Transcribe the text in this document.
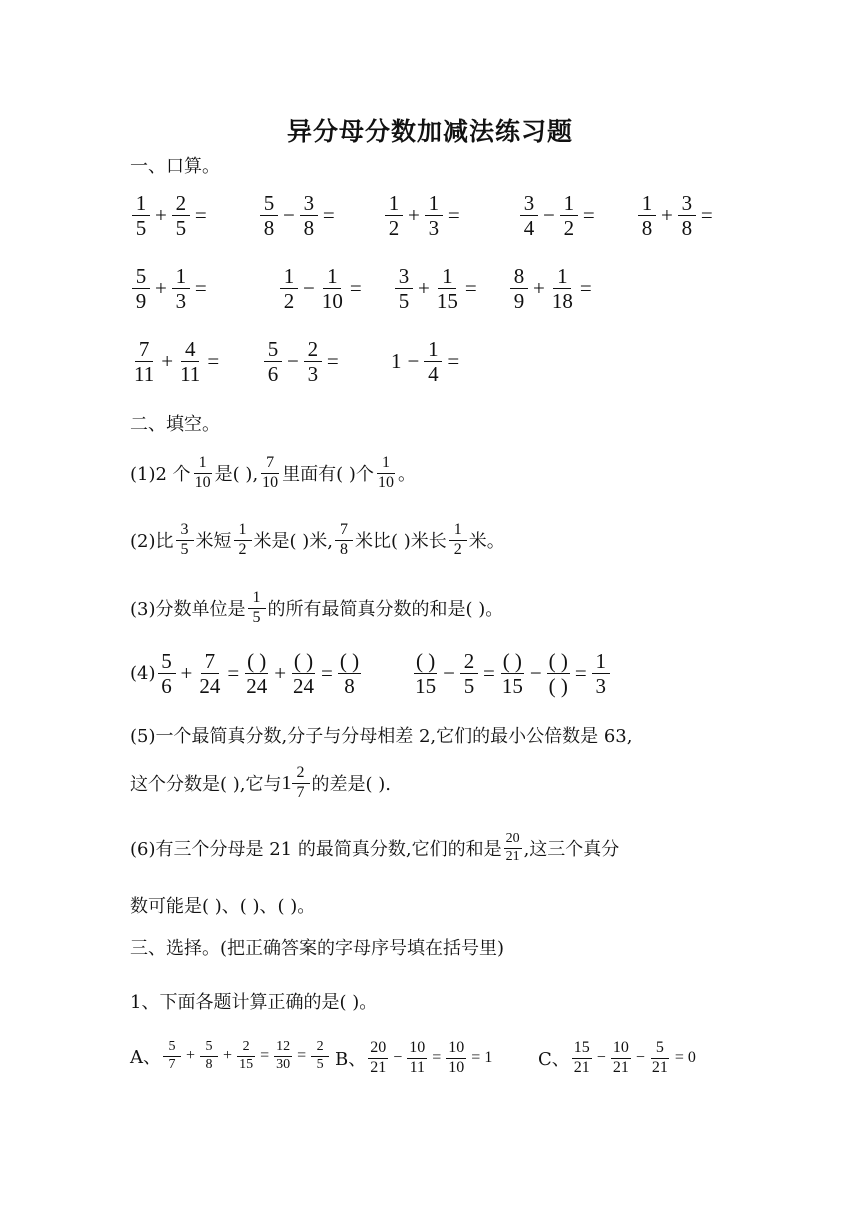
异分母分数加减法练习题
一、口算。
$\frac{1}{5} + \frac{2}{5}$ =	$\frac{5}{8} - \frac{3}{8} = \frac{1}{2} + \frac{1}{3}$ =	$\frac{3}{4} - \frac{1}{2} = \frac{1}{8} + \frac{3}{8}$ =
$\frac{5}{9} + \frac{1}{3}$ =	$\frac{1}{2} - \frac{1}{10} = \frac{3}{5} + \frac{1}{15} = \frac{8}{9} + \frac{1}{18}$ =
$\frac{7}{11} + \frac{4}{11} = \frac{5}{6} - \frac{2}{3} = 1 - \frac{1}{4}$ =
二、填空。
(1)2 个 $\frac{1}{10}$ 是( ), $\frac{7}{10}$ 里面有( )个 $\frac{1}{10}$ 。
(2)比 $\frac{3}{5}$ 米短 $\frac{1}{2}$ 米是( )米, $\frac{7}{8}$ 米比( )米长 $\frac{1}{2}$ 米。
(3)分数单位是 $\frac{1}{5}$ 的所有最简真分数的和是( )。
$(4) \frac{5}{6} + \frac{7}{24} = \frac{( )}{24} + \frac{( )}{24} = \frac{( )}{8} \frac{( )}{15} - \frac{2}{5} = \frac{( )}{15} - \frac{( )}{( )} = \frac{1}{3}$
(5)一个最简真分数,分子与分母相差 2,它们的最小公倍数是 63,
这个分数是( ),它与 $1 \frac{2}{7}$ 的差是( ).
(6)有三个分母是 21 的最简真分数,它们的和是 $\frac{20}{21}$ ,这三个真分
数可能是( )、( )、( )。
三、选择。(把正确答案的字母序号填在括号里)
1、下面各题计算正确的是( )。
A、 $\frac{5}{7} + \frac{5}{8} + \frac{2}{15} = \frac{12}{30} = \frac{2}{5}$ B、 $\frac{20}{21} - \frac{10}{11} = \frac{10}{10} = 1$	C、 $\frac{15}{21} - \frac{10}{21} - \frac{5}{21} = 0$
